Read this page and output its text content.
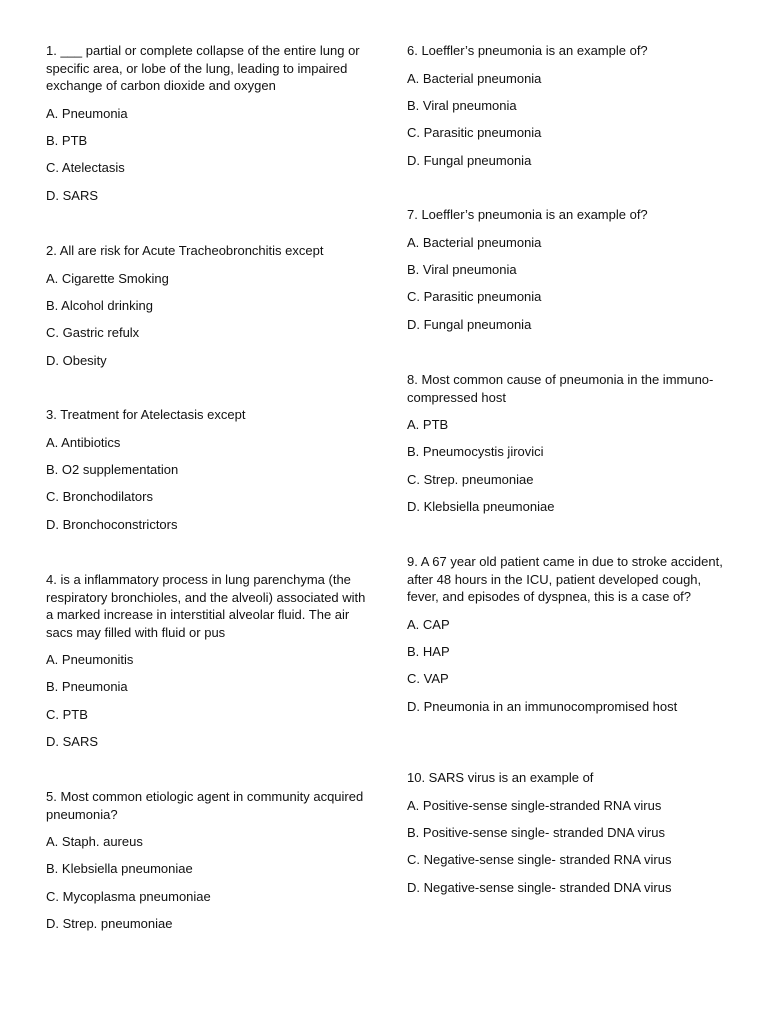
1. ___ partial or complete collapse of the entire lung or specific area, or lobe of the lung, leading to impaired exchange of carbon dioxide and oxygen

A. Pneumonia
B. PTB
C. Atelectasis
D. SARS

2. All are risk for Acute Tracheobronchitis except

A. Cigarette Smoking
B. Alcohol drinking
C. Gastric refulx
D. Obesity

3. Treatment for Atelectasis except

A. Antibiotics
B. O2 supplementation
C. Bronchodilators
D. Bronchoconstrictors

4. is a inflammatory process in lung parenchyma (the respiratory bronchioles, and the alveoli) associated with a marked increase in interstitial alveolar fluid. The air sacs may filled with fluid or pus

A. Pneumonitis
B. Pneumonia
C. PTB
D. SARS

5. Most common etiologic agent in community acquired pneumonia?

A. Staph. aureus
B. Klebsiella pneumoniae
C. Mycoplasma pneumoniae
D. Strep. pneumoniae

6. Loeffler’s pneumonia is an example of?

A. Bacterial pneumonia
B. Viral pneumonia
C. Parasitic pneumonia
D. Fungal pneumonia

7. Loeffler’s pneumonia is an example of?

A. Bacterial pneumonia
B. Viral pneumonia
C. Parasitic pneumonia
D. Fungal pneumonia

8. Most common cause of pneumonia in the immuno-compressed host

A. PTB
B. Pneumocystis jirovici
C. Strep. pneumoniae
D. Klebsiella pneumoniae

9. A 67 year old patient came in due to stroke accident, after 48 hours in the ICU, patient developed cough, fever, and episodes of dyspnea, this is a case of?

A. CAP
B. HAP
C. VAP
D. Pneumonia in an immunocompromised host

10. SARS virus is an example of

A. Positive-sense single-stranded RNA virus
B. Positive-sense single- stranded DNA virus
C. Negative-sense single- stranded RNA virus
D. Negative-sense single- stranded DNA virus
